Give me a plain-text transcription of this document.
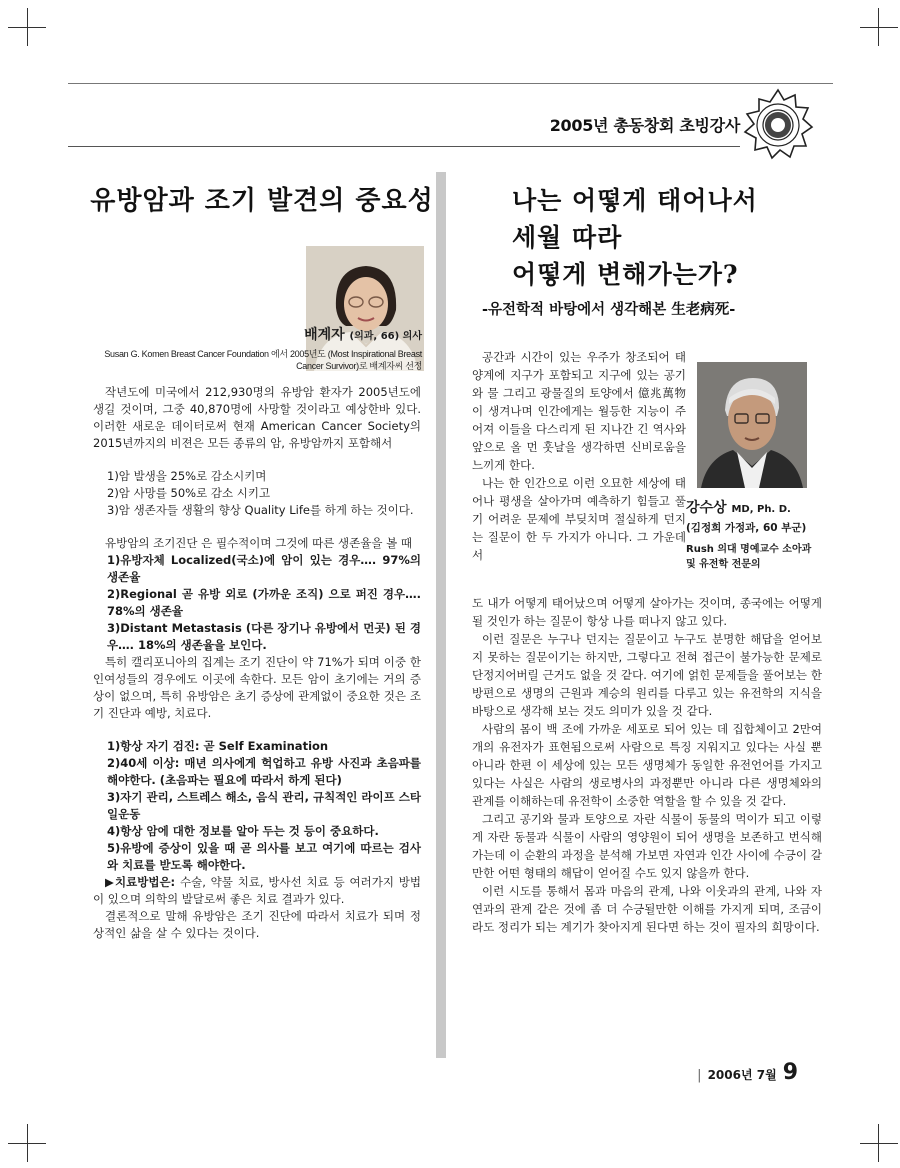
2005년 총동창회 초빙강사
유방암과 조기 발견의 중요성
배계자 (의과, 66) 의사
Susan G. Komen Breast Cancer Foundation 에서 2005년도 (Most Inspirational Breast Cancer Survivor)로 배계자씨 선정

작년도에 미국에서 212,930명의 유방암 환자가 2005년도에 생길 것이며, 그중 40,870명에 사망할 것이라고 예상한바 있다. 이러한 새로운 데이터로써 현재 American Cancer Society의 2015년까지의 비젼은 모든 종류의 암, 유방암까지 포함해서

1)암 발생을 25%로 감소시키며

2)암 사망를 50%로 감소 시키고

3)암 생존자들 생활의 향상 Quality Life를 하게 하는 것이다.

유방암의 조기진단 은 필수적이며 그것에 따른 생존율을 볼 때

1)유방자체 Localized(국소)에 암이 있는 경우…. 97%의 생존율

2)Regional 곧 유방 외로 (가까운 조직) 으로 퍼진 경우…. 78%의 생존율

3)Distant Metastasis (다른 장기나 유방에서 먼곳) 된 경우…. 18%의 생존율을 보인다.

특히 캘리포니아의 집계는 조기 진단이 약 71%가 되며 이중 한인여성들의 경우에도 이곳에 속한다. 모든 암이 초기에는 거의 증상이 없으며, 특히 유방암은 초기 증상에 관계없이 중요한 것은 조기 진단과 예방, 치료다.

1)항상 자기 검진: 곧 Self Examination

2)40세 이상: 매년 의사에게 헉업하고 유방 사진과 초음파를 해야한다. (초음파는 필요에 따라서 하게 된다)

3)자기 관리, 스트레스 해소, 음식 관리, 규칙적인 라이프 스타일운동

4)항상 암에 대한 정보를 알아 두는 것 등이 중요하다.

5)유방에 증상이 있을 때 곧 의사를 보고 여기에 따르는 검사와 치료를 받도록 해야한다.

▶치료방법은: 수술, 약물 치료, 방사선 치료 등 여러가지 방법이 있으며 의학의 발달로써 좋은 치료 결과가 있다.

결론적으로 말해 유방암은 조기 진단에 따라서 치료가 되며 정상적인 삶을 살 수 있다는 것이다.

나는 어떻게 태어나서
세월 따라
어떻게 변해가는가?
-유전학적 바탕에서 생각해본 生老病死-

공간과 시간이 있는 우주가 창조되어 태양계에 지구가 포함되고 지구에 있는 공기와 물 그리고 광물질의 토양에서 億兆萬物이 생겨나며 인간에게는 월등한 지능이 주어져 이들을 다스리게 된 지나간 긴 역사와 앞으로 올 먼 훗날을 생각하면 신비로움을 느끼게 한다.

나는 한 인간으로 이런 오묘한 세상에 태어나 평생을 살아가며 예측하기 힘들고 풀기 어려운 문제에 부딪치며 절실하게 던지는 질문이 한 두 가지가 아니다. 그 가운데서

강수상 MD, Ph. D.
(김정희 가정과, 60 부군)
Rush 의대 명예교수 소아과 및 유전학 전문의

도 내가 어떻게 태어났으며 어떻게 살아가는 것이며, 종국에는 어떻게 될 것인가 하는 질문이 항상 나를 떠나지 않고 있다.

이런 질문은 누구나 던지는 질문이고 누구도 분명한 해답을 얻어보지 못하는 질문이기는 하지만, 그렇다고 전혀 접근이 불가능한 문제로 단정지어버릴 근거도 없을 것 같다. 여기에 얽힌 문제들을 풀어보는 한 방편으로 생명의 근원과 계승의 원리를 다루고 있는 유전학의 지식을 바탕으로 생각해 보는 것도 의미가 있을 것 같다.

사람의 몸이 백 조에 가까운 세포로 되어 있는 데 집합체이고 2만여 개의 유전자가 표현됨으로써 사람으로 특징 지워지고 있다는 사실 뿐 아니라 한편 이 세상에 있는 모든 생명체가 동일한 유전언어를 가지고 있다는 사실은 사람의 생로병사의 과정뿐만 아니라 다른 생명체와의 관계를 이해하는데 유전학이 소중한 역할을 할 수 있을 것 같다.

그리고 공기와 물과 토양으로 자란 식물이 동물의 먹이가 되고 이렇게 자란 동물과 식물이 사람의 영양원이 되어 생명을 보존하고 번식해 가는데 이 순환의 과정을 분석해 가보면 자연과 인간 사이에 수긍이 갈만한 어떤 형태의 해답이 얻어질 수도 있지 않을까 한다.

이런 시도를 통해서 몸과 마음의 관계, 나와 이웃과의 관계, 나와 자연과의 관계 같은 것에 좀 더 수긍될만한 이해를 가지게 되며, 조금이라도 정리가 되는 계기가 찾아지게 된다면 하는 것이 필자의 희망이다.

| 2006년 7월 9
